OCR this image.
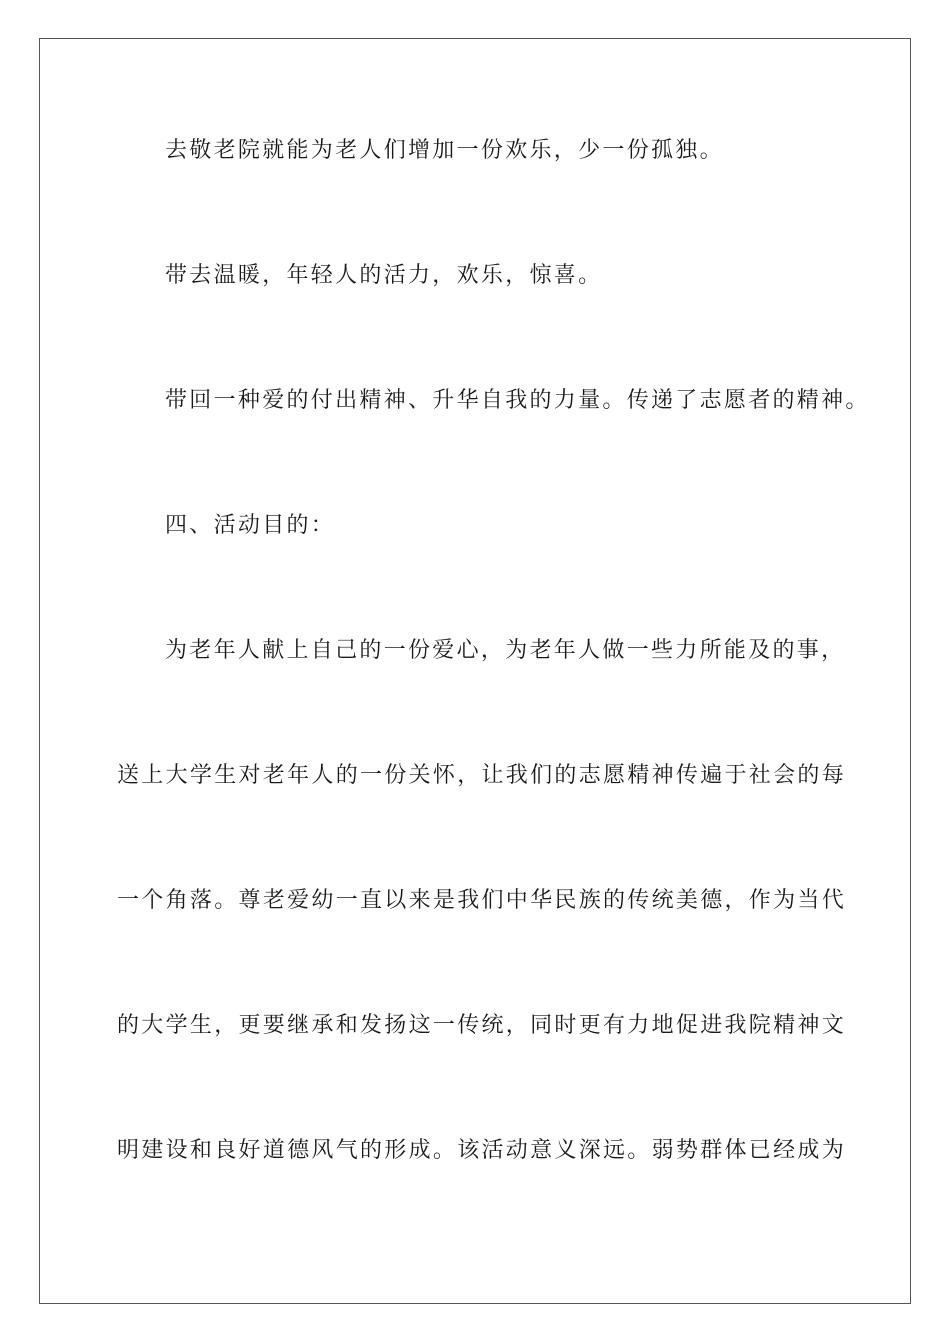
去敬老院就能为老人们增加一份欢乐，少一份孤独。
带去温暖，年轻人的活力，欢乐，惊喜。
带回一种爱的付出精神、升华自我的力量。传递了志愿者的精神。
四、活动目的：
为老年人献上自己的一份爱心，为老年人做一些力所能及的事，
送上大学生对老年人的一份关怀，让我们的志愿精神传遍于社会的每
一个角落。尊老爱幼一直以来是我们中华民族的传统美德，作为当代
的大学生，更要继承和发扬这一传统，同时更有力地促进我院精神文
明建设和良好道德风气的形成。该活动意义深远。弱势群体已经成为
